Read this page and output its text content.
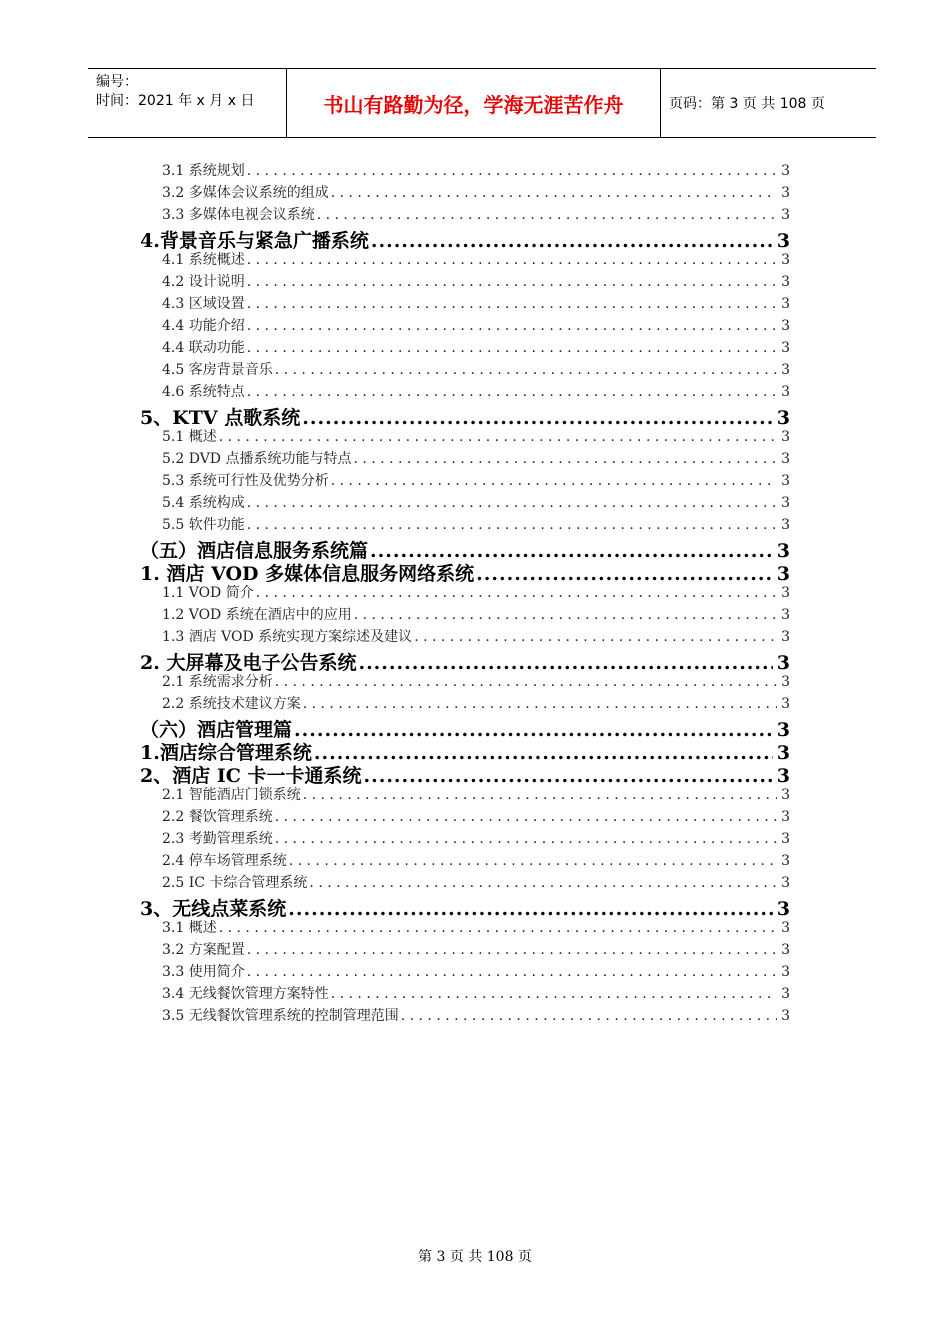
编号：
时间：2021 年 x 月 x 日	书山有路勤为径，学海无涯苦作舟	页码：第 3 页 共 108 页
3.1 系统规划 . . .	3
3.2 多媒体会议系统的组成 . . .	3
3.3 多媒体电视会议系统 . . .	3
4.背景音乐与紧急广播系统 .....	3
4.1 系统概述 . . .	3
4.2 设计说明 . . .	3
4.3 区域设置 . . .	3
4.4 功能介绍 . . .	3
4.4 联动功能 . . .	3
4.5 客房背景音乐 . . .	3
4.6 系统特点 . . .	3
5、KTV 点歌系统 .....	3
5.1 概述 . . .	3
5.2 DVD 点播系统功能与特点 . . .	3
5.3 系统可行性及优势分析 . . .	3
5.4 系统构成 . . .	3
5.5 软件功能 . . .	3
（五）酒店信息服务系统篇 .....	3
1. 酒店 VOD 多媒体信息服务网络系统 .....	3
1.1 VOD 简介 . . .	3
1.2 VOD 系统在酒店中的应用 . . .	3
1.3 酒店 VOD 系统实现方案综述及建议 . . .	3
2. 大屏幕及电子公告系统 .....	3
2.1 系统需求分析 . . .	3
2.2 系统技术建议方案 . . .	3
（六）酒店管理篇 .....	3
1.酒店综合管理系统 .....	3
2、酒店 IC 卡一卡通系统 .....	3
2.1 智能酒店门锁系统 . . .	3
2.2 餐饮管理系统 . . .	3
2.3 考勤管理系统 . . .	3
2.4 停车场管理系统 . . .	3
2.5 IC 卡综合管理系统 . . .	3
3、无线点菜系统 .....	3
3.1 概述 . . .	3
3.2 方案配置 . . .	3
3.3 使用简介 . . .	3
3.4 无线餐饮管理方案特性 . . .	3
3.5 无线餐饮管理系统的控制管理范围 . . .	3
第 3 页 共 108 页
